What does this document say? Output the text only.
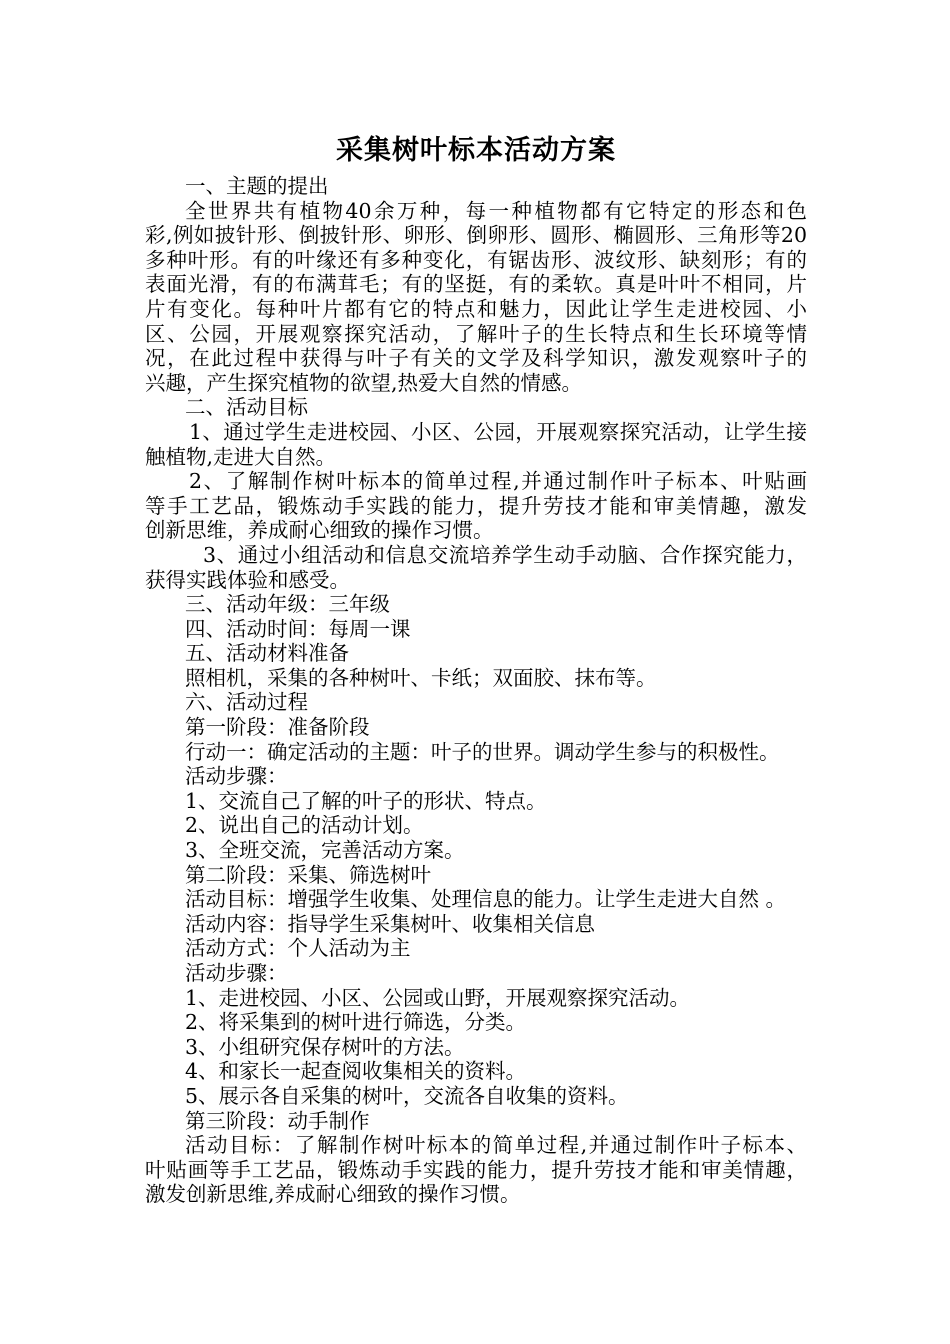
采集树叶标本活动方案
一、主题的提出
全世界共有植物40余万种，每一种植物都有它特定的形态和色
彩,例如披针形、倒披针形、卵形、倒卵形、圆形、椭圆形、三角形等20
多种叶形。有的叶缘还有多种变化，有锯齿形、波纹形、缺刻形；有的
表面光滑，有的布满茸毛；有的坚挺，有的柔软。真是叶叶不相同，片
片有变化。每种叶片都有它的特点和魅力，因此让学生走进校园、小
区、公园，开展观察探究活动，了解叶子的生长特点和生长环境等情
况，在此过程中获得与叶子有关的文学及科学知识，激发观察叶子的
兴趣，产生探究植物的欲望,热爱大自然的情感。
二、活动目标
1、通过学生走进校园、小区、公园，开展观察探究活动，让学生接
触植物,走进大自然。
2、了解制作树叶标本的简单过程,并通过制作叶子标本、叶贴画
等手工艺品，锻炼动手实践的能力，提升劳技才能和审美情趣，激发
创新思维，养成耐心细致的操作习惯。
3、通过小组活动和信息交流培养学生动手动脑、合作探究能力，
获得实践体验和感受。
三、活动年级：三年级
四、活动时间：每周一课
五、活动材料准备
照相机，采集的各种树叶、卡纸；双面胶、抹布等。
六、活动过程
第一阶段：准备阶段
行动一：确定活动的主题：叶子的世界。调动学生参与的积极性。
活动步骤：
1、交流自己了解的叶子的形状、特点。
2、说出自己的活动计划。
3、全班交流，完善活动方案。
第二阶段：采集、筛选树叶
活动目标：增强学生收集、处理信息的能力。让学生走进大自然 。
活动内容：指导学生采集树叶、收集相关信息
活动方式：个人活动为主
活动步骤：
1、走进校园、小区、公园或山野，开展观察探究活动。
2、将采集到的树叶进行筛选，分类。
3、小组研究保存树叶的方法。
4、和家长一起查阅收集相关的资料。
5、展示各自采集的树叶，交流各自收集的资料。
第三阶段：动手制作
活动目标：了解制作树叶标本的简单过程,并通过制作叶子标本、
叶贴画等手工艺品，锻炼动手实践的能力，提升劳技才能和审美情趣，
激发创新思维,养成耐心细致的操作习惯。
